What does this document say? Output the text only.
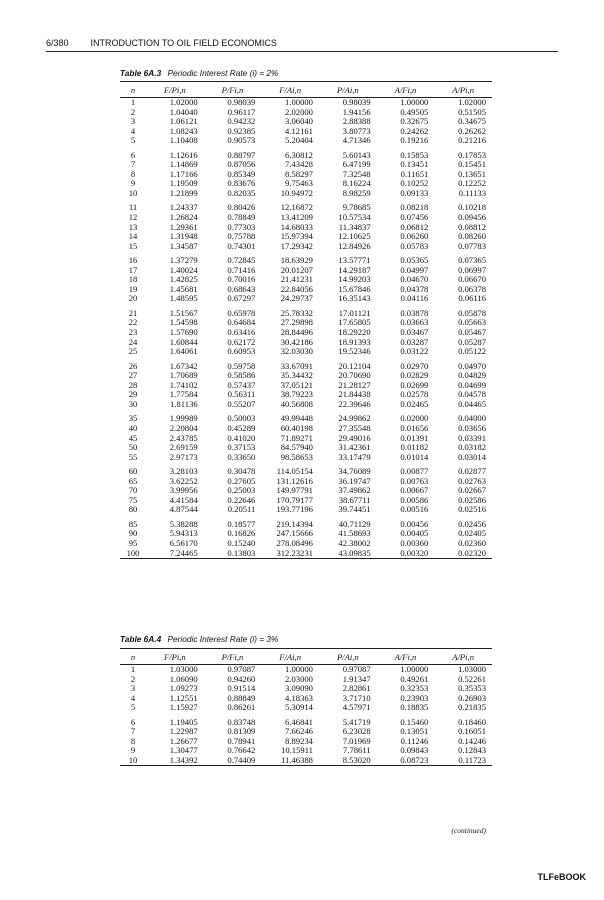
6/380 INTRODUCTION TO OIL FIELD ECONOMICS
Table 6A.3 Periodic Interest Rate (i) = 2%
n	F/Pi,n	P/Fi,n	F/Ai,n	P/Ai,n	A/Fi,n	A/Pi,n
1	1.02000	0.98039	1.00000	0.98039	1.00000	1.02000
2	1.04040	0.96117	2.02000	1.94156	0.49505	0.51505
3	1.06121	0.94232	3.06040	2.88388	0.32675	0.34675
4	1.08243	0.92385	4.12161	3.80773	0.24262	0.26262
5	1.10408	0.90573	5.20404	4.71346	0.19216	0.21216
6	1.12616	0.88797	6.30812	5.60143	0.15853	0.17853
7	1.14869	0.87056	7.43428	6.47199	0.13451	0.15451
8	1.17166	0.85349	8.58297	7.32548	0.11651	0.13651
9	1.19509	0.83676	9.75463	8.16224	0.10252	0.12252
10	1.21899	0.82035	10.94972	8.98259	0.09133	0.11133
11	1.24337	0.80426	12.16872	9.78685	0.08218	0.10218
12	1.26824	0.78849	13.41209	10.57534	0.07456	0.09456
13	1.29361	0.77303	14.68033	11.34837	0.06812	0.08812
14	1.31948	0.75788	15.97394	12.10625	0.06260	0.08260
15	1.34587	0.74301	17.29342	12.84926	0.05783	0.07783
16	1.37279	0.72845	18.63929	13.57771	0.05365	0.07365
17	1.40024	0.71416	20.01207	14.29187	0.04997	0.06997
18	1.42825	0.70016	21.41231	14.99203	0.04670	0.06670
19	1.45681	0.68643	22.84056	15.67846	0.04378	0.06378
20	1.48595	0.67297	24.29737	16.35143	0.04116	0.06116
21	1.51567	0.65978	25.78332	17.01121	0.03878	0.05878
22	1.54598	0.64684	27.29898	17.65805	0.03663	0.05663
23	1.57690	0.63416	28.84496	18.29220	0.03467	0.05467
24	1.60844	0.62172	30.42186	18.91393	0.03287	0.05287
25	1.64061	0.60953	32.03030	19.52346	0.03122	0.05122
26	1.67342	0.59758	33.67091	20.12104	0.02970	0.04970
27	1.70689	0.58586	35.34432	20.70690	0.02829	0.04829
28	1.74102	0.57437	37.05121	21.28127	0.02699	0.04699
29	1.77584	0.56311	38.79223	21.84438	0.02578	0.04578
30	1.81136	0.55207	40.56808	22.39646	0.02465	0.04465
35	1.99989	0.50003	49.99448	24.99862	0.02000	0.04000
40	2.20804	0.45289	60.40198	27.35548	0.01656	0.03656
45	2.43785	0.41020	71.89271	29.49016	0.01391	0.03391
50	2.69159	0.37153	84.57940	31.42361	0.01182	0.03182
55	2.97173	0.33650	98.58653	33.17479	0.01014	0.03014
60	3.28103	0.30478	114.05154	34.76089	0.00877	0.02877
65	3.62252	0.27605	131.12616	36.19747	0.00763	0.02763
70	3.99956	0.25003	149.97791	37.49862	0.00667	0.02667
75	4.41584	0.22646	170.79177	38.67711	0.00586	0.02586
80	4.87544	0.20511	193.77196	39.74451	0.00516	0.02516
85	5.38288	0.18577	219.14394	40.71129	0.00456	0.02456
90	5.94313	0.16826	247.15666	41.58693	0.00405	0.02405
95	6.56170	0.15240	278.08496	42.38002	0.00360	0.02360
100	7.24465	0.13803	312.23231	43.09835	0.00320	0.02320

Table 6A.4 Periodic Interest Rate (i) = 3%
n	F/Pi,n	P/Fi,n	F/Ai,n	P/Ai,n	A/Fi,n	A/Pi,n
1	1.03000	0.97087	1.00000	0.97087	1.00000	1.03000
2	1.06090	0.94260	2.03000	1.91347	0.49261	0.52261
3	1.09273	0.91514	3.09090	2.82861	0.32353	0.35353
4	1.12551	0.88849	4.18363	3.71710	0.23903	0.26903
5	1.15927	0.86261	5.30914	4.57971	0.18835	0.21835
6	1.19405	0.83748	6.46841	5.41719	0.15460	0.18460
7	1.22987	0.81309	7.66246	6.23028	0.13051	0.16051
8	1.26677	0.78941	8.89234	7.01969	0.11246	0.14246
9	1.30477	0.76642	10.15911	7.78611	0.09843	0.12843
10	1.34392	0.74409	11.46388	8.53020	0.08723	0.11723

(continued)
TLFeBOOK
